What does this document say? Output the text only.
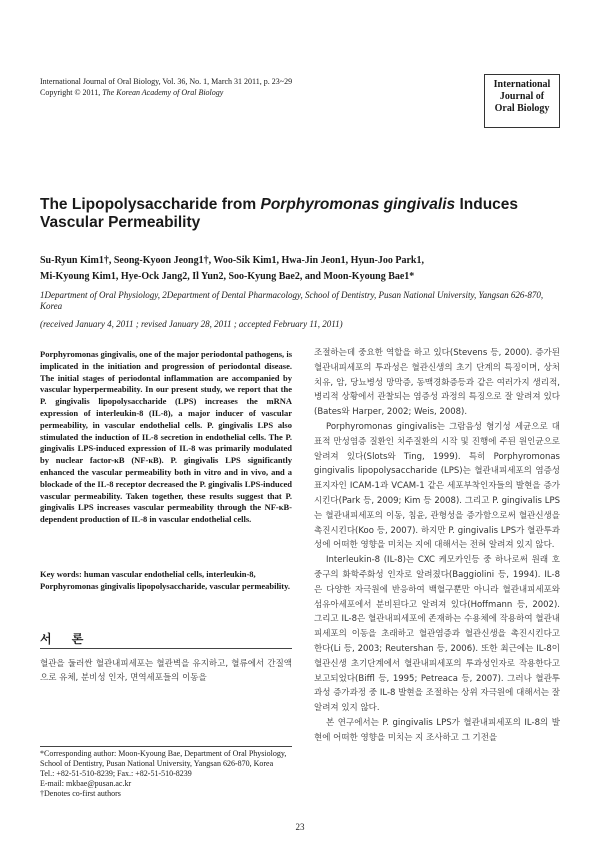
International Journal of Oral Biology, Vol. 36, No. 1, March 31 2011, p. 23~29
Copyright © 2011, The Korean Academy of Oral Biology
International
Journal of
Oral Biology
The Lipopolysaccharide from Porphyromonas gingivalis Induces Vascular Permeability
Su-Ryun Kim1†, Seong-Kyoon Jeong1†, Woo-Sik Kim1, Hwa-Jin Jeon1, Hyun-Joo Park1,
Mi-Kyoung Kim1, Hye-Ock Jang2, Il Yun2, Soo-Kyung Bae2, and Moon-Kyoung Bae1*
1Department of Oral Physiology, 2Department of Dental Pharmacology, School of Dentistry, Pusan National University, Yangsan 626-870, Korea
(received January 4, 2011 ; revised January 28, 2011 ; accepted February 11, 2011)
Porphyromonas gingivalis, one of the major periodontal pathogens, is implicated in the initiation and progression of periodontal disease. The initial stages of periodontal inflammation are accompanied by vascular hyperpermeability. In our present study, we report that the P. gingivalis lipopolysaccharide (LPS) increases the mRNA expression of interleukin-8 (IL-8), a major inducer of vascular permeability, in vascular endothelial cells. P. gingivalis LPS also stimulated the induction of IL-8 secretion in endothelial cells. The P. gingivalis LPS-induced expression of IL-8 was primarily modulated by nuclear factor-κB (NF-κB). P. gingivalis LPS significantly enhanced the vascular permeability both in vitro and in vivo, and a blockade of the IL-8 receptor decreased the P. gingivalis LPS-induced vascular permeability. Taken together, these results suggest that P. gingivalis LPS increases vascular permeability through the NF-κB-dependent production of IL-8 in vascular endothelial cells.
Key words: human vascular endothelial cells, interleukin-8, Porphyromonas gingivalis lipopolysaccharide, vascular permeability.
서 론
혈관을 둘러싼 혈관내피세포는 혈관벽을 유지하고, 혈류에서 간질액으로 유체, 분비성 인자, 면역세포들의 이동을
*Corresponding author: Moon-Kyoung Bae, Department of Oral Physiology, School of Dentistry, Pusan National University, Yangsan 626-870, Korea
Tel.: +82-51-510-8239; Fax.: +82-51-510-8239
E-mail: mkbae@pusan.ac.kr
†Denotes co-first authors

조절하는데 중요한 역할을 하고 있다(Stevens 등, 2000). 증가된 혈관내피세포의 투과성은 혈관신생의 초기 단계의 특징이며, 상처치유, 암, 당뇨병성 망막증, 동맥경화증등과 같은 여러가지 생리적, 병리적 상황에서 관찰되는 염증성 과정의 특징으로 잘 알려져 있다(Bates와 Harper, 2002; Weis, 2008).

Porphyromonas gingivalis는 그람음성 혐기성 세균으로 대표적 만성염증 질환인 치주질환의 시작 및 진행에 주된 원인균으로 알려져 있다(Slots와 Ting, 1999). 특히 Porphyromonas gingivalis lipopolysaccharide (LPS)는 혈관내피세포의 염증성 표지자인 ICAM-1과 VCAM-1 같은 세포부착인자들의 발현을 증가시킨다(Park 등, 2009; Kim 등 2008). 그리고 P. gingivalis LPS는 혈관내피세포의 이동, 침윤, 관형성을 증가함으로써 혈관신생을 촉진시킨다(Koo 등, 2007). 하지만 P. gingivalis LPS가 혈관투과성에 어떠한 영향을 미치는 지에 대해서는 전혀 알려져 있지 않다.

Interleukin-8 (IL-8)는 CXC 케모카인등 중 하나로써 원래 호중구의 화학주화성 인자로 알려졌다(Baggiolini 등, 1994). IL-8은 다양한 자극원에 반응하여 백혈구뿐만 아니라 혈관내피세포와 섬유아세포에서 분비된다고 알려져 있다(Hoffmann 등, 2002). 그리고 IL-8은 혈관내피세포에 존재하는 수용체에 작용하여 혈관내피세포의 이동을 초래하고 혈관염증과 혈관신생을 촉진시킨다고 한다(Li 등, 2003; Reutershan 등, 2006). 또한 최근에는 IL-8이 혈관신생 초기단계에서 혈관내피세포의 투과성인자로 작용한다고 보고되었다(Biffl 등, 1995; Petreaca 등, 2007). 그러나 혈관투과성 증가과정 중 IL-8 발현을 조절하는 상위 자극원에 대해서는 잘 알려져 있지 않다.

본 연구에서는 P. gingivalis LPS가 혈관내피세포의 IL-8의 발현에 어떠한 영향을 미치는 지 조사하고 그 기전을

23
